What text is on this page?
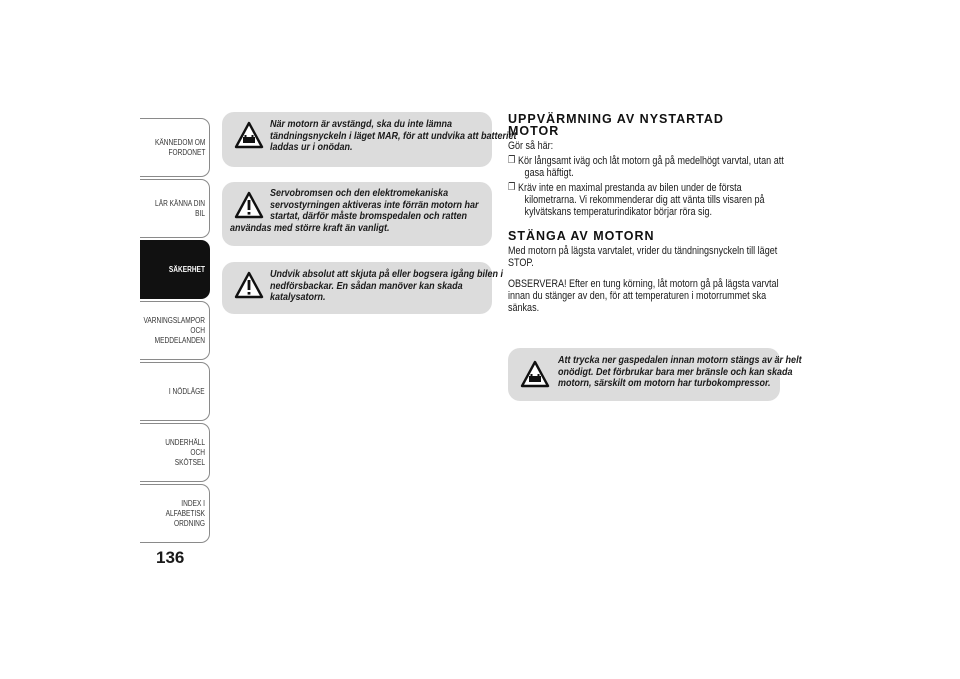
KÄNNEDOM OM
FORDONET
LÄR KÄNNA DIN BIL
SÄKERHET
VARNINGSLAMPOR
OCH MEDDELANDEN
I NÖDLÄGE
UNDERHÅLL OCH
SKÖTSEL
INDEX I ALFABETISK
ORDNING
136
När motorn är avstängd, ska du inte lämna
tändningsnyckeln i läget MAR, för att undvika att batteriet
laddas ur i onödan.
Servobromsen och den elektromekaniska
servostyrningen aktiveras inte förrän motorn har
startat, därför måste bromspedalen och ratten
användas med större kraft än vanligt.
Undvik absolut att skjuta på eller bogsera igång bilen i
nedförsbackar. En sådan manöver kan skada
katalysatorn.
UPPVÄRMNING AV NYSTARTAD
MOTOR

Gör så här:

❐ Kör långsamt iväg och låt motorn gå på medelhögt varvtal, utan att
gasa häftigt.
❐ Kräv inte en maximal prestanda av bilen under de första
kilometrarna. Vi rekommenderar dig att vänta tills visaren på
kylvätskans temperaturindikator börjar röra sig.
STÄNGA AV MOTORN

Med motorn på lägsta varvtalet, vrider du tändningsnyckeln till läget
STOP.

OBSERVERA! Efter en tung körning, låt motorn gå på lägsta varvtal
innan du stänger av den, för att temperaturen i motorrummet ska
sänkas.

Att trycka ner gaspedalen innan motorn stängs av är helt
onödigt. Det förbrukar bara mer bränsle och kan skada
motorn, särskilt om motorn har turbokompressor.
